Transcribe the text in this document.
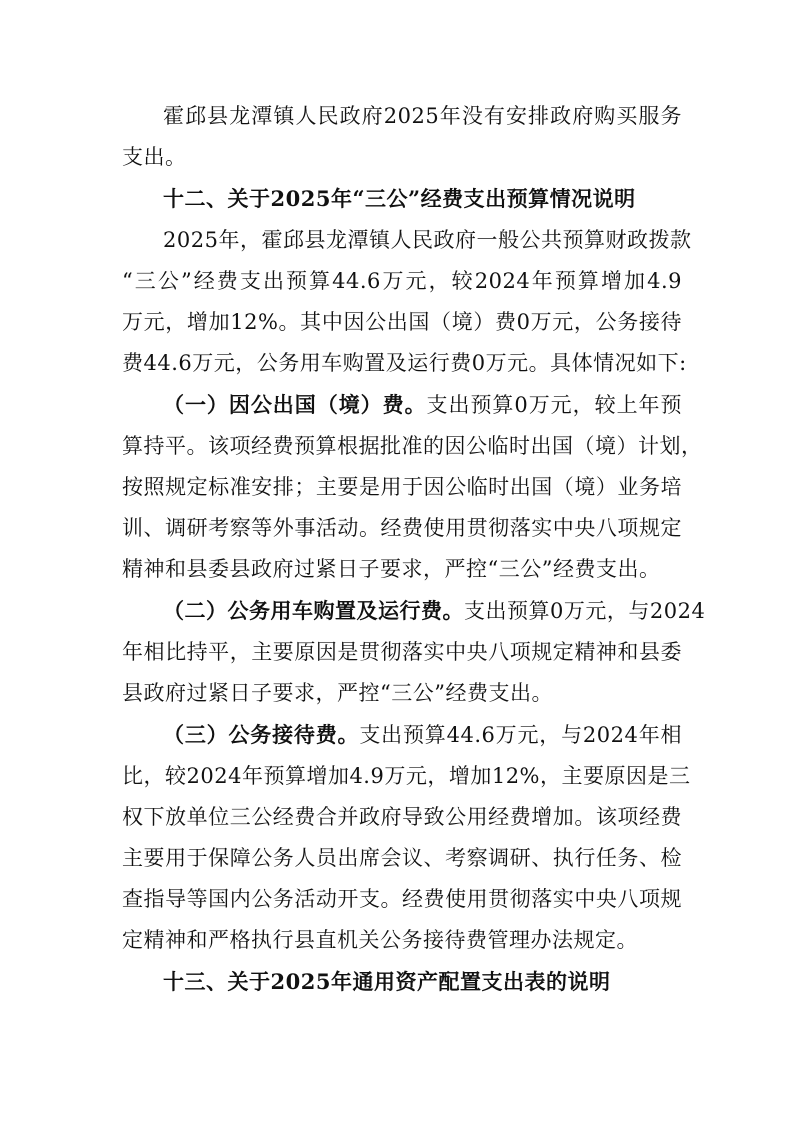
霍邱县龙潭镇人民政府2025年没有安排政府购买服务
支出。
十二、关于2025年“三公”经费支出预算情况说明
2025年，霍邱县龙潭镇人民政府一般公共预算财政拨款
“三公”经费支出预算44.6万元，较2024年预算增加4.9
万元，增加12%。其中因公出国（境）费0万元，公务接待
费44.6万元，公务用车购置及运行费0万元。具体情况如下:
（一）因公出国（境）费。支出预算0万元，较上年预
算持平。该项经费预算根据批准的因公临时出国（境）计划，
按照规定标准安排；主要是用于因公临时出国（境）业务培
训、调研考察等外事活动。经费使用贯彻落实中央八项规定
精神和县委县政府过紧日子要求，严控“三公”经费支出。
（二）公务用车购置及运行费。支出预算0万元，与2024
年相比持平，主要原因是贯彻落实中央八项规定精神和县委
县政府过紧日子要求，严控“三公”经费支出。
（三）公务接待费。支出预算44.6万元，与2024年相
比，较2024年预算增加4.9万元，增加12%，主要原因是三
权下放单位三公经费合并政府导致公用经费增加。该项经费
主要用于保障公务人员出席会议、考察调研、执行任务、检
查指导等国内公务活动开支。经费使用贯彻落实中央八项规
定精神和严格执行县直机关公务接待费管理办法规定。
十三、关于2025年通用资产配置支出表的说明
